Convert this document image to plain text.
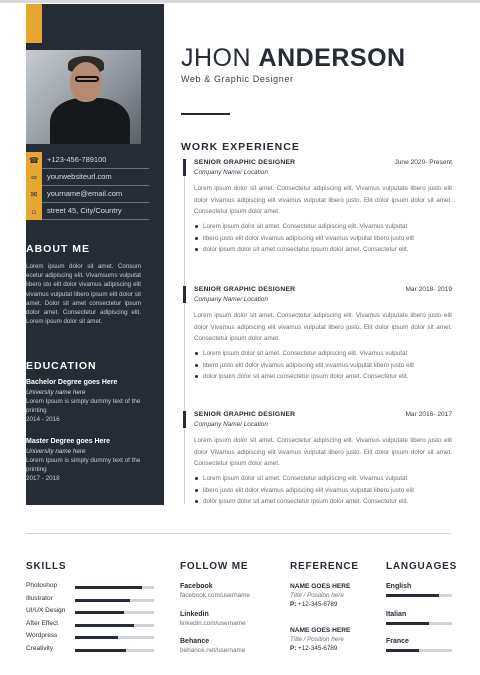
☎	+123-456-789100
∞	yourwebsiteurl.com
✉	yourname@email.com
⌂	street 45, City/Country
ABOUT ME
Lorem ipsum dolor sit amet. Consum ecetur adipiscing elit. Vivamsums vulputat libero sto elit dolor vivamus adipiscing elit vivamus vulputat libero ipsum elit dolor sit amet. Dolor sit amet consectetur ipsum dolor amet. Consectetur adipiscing elit. Lorem ipsum dolor sit amet.
EDUCATION
Bachelor Degree goes Here
University name here
Lorem Ipsum is simply dummy text of the printing
2014 - 2016
Master Degree goes Here
University name here
Lorem Ipsum is simply dummy text of the printing
2017 - 2018
JHON ANDERSON
Web & Graphic Designer
WORK EXPERIENCE
SENIOR GRAPHIC DESIGNER	June 2020- Present
Company Name/ Location
Lorem ipsum dolor sit amet. Consectetur adipiscing elit. Vivamus vulputate libero justo elit dolor Vivamus adipiscing elit vivamus vulputat libero justo. Elit dolor ipsum dolor sit amet. Consectetur ipsum dolor amet.
Lorem ipsum dolor sit amet. Consectetur adipiscing elit. Vivamus vulputat
libero justo elit dolor vivamus adipiscing elit vivamus vulputat libero justo elit
dolor ipsum dolor sit amet consectetur ipsum dolor amet. Consectetur elit.
SENIOR GRAPHIC DESIGNER	Mar 2018- 2019
Company Name/ Location
Lorem ipsum dolor sit amet. Consectetur adipiscing elit. Vivamus vulputate libero justo elit dolor Vivamus adipiscing elit vivamus vulputat libero justo. Elit dolor ipsum dolor sit amet. Consectetur ipsum dolor amet.
Lorem ipsum dolor sit amet. Consectetur adipiscing elit. Vivamus vulputat
libero justo elit dolor vivamus adipiscing elit vivamus vulputat libero justo elit
dolor ipsum dolor sit amet consectetur ipsum dolor amet. Consectetur elit.
SENIOR GRAPHIC DESIGNER	Mar 2016- 2017
Company Name/ Location
Lorem ipsum dolor sit amet. Consectetur adipiscing elit. Vivamus vulputate libero justo elit dolor Vivamus adipiscing elit vivamus vulputat libero justo. Elit dolor ipsum dolor sit amet. Consectetur ipsum dolor amet.
Lorem ipsum dolor sit amet. Consectetur adipiscing elit. Vivamus vulputat
libero justo elit dolor vivamus adipiscing elit vivamus vulputat libero justo elit
dolor ipsum dolor sit amet consectetur ipsum dolor amet. Consectetur elit.
SKILLS
Photoshop
Illustrator
UI/UX Design
After Effect
Wordpress
Creativity
FOLLOW ME
Facebook
facebook.com/username
Linkedin
linkedin.com/username
Behance
behance.net/username
REFERENCE
NAME GOES HERE
Title / Position here
P: +12-345-6789
NAME GOES HERE
Title / Position here
P: +12-345-6789
LANGUAGES
English
Italian
France
